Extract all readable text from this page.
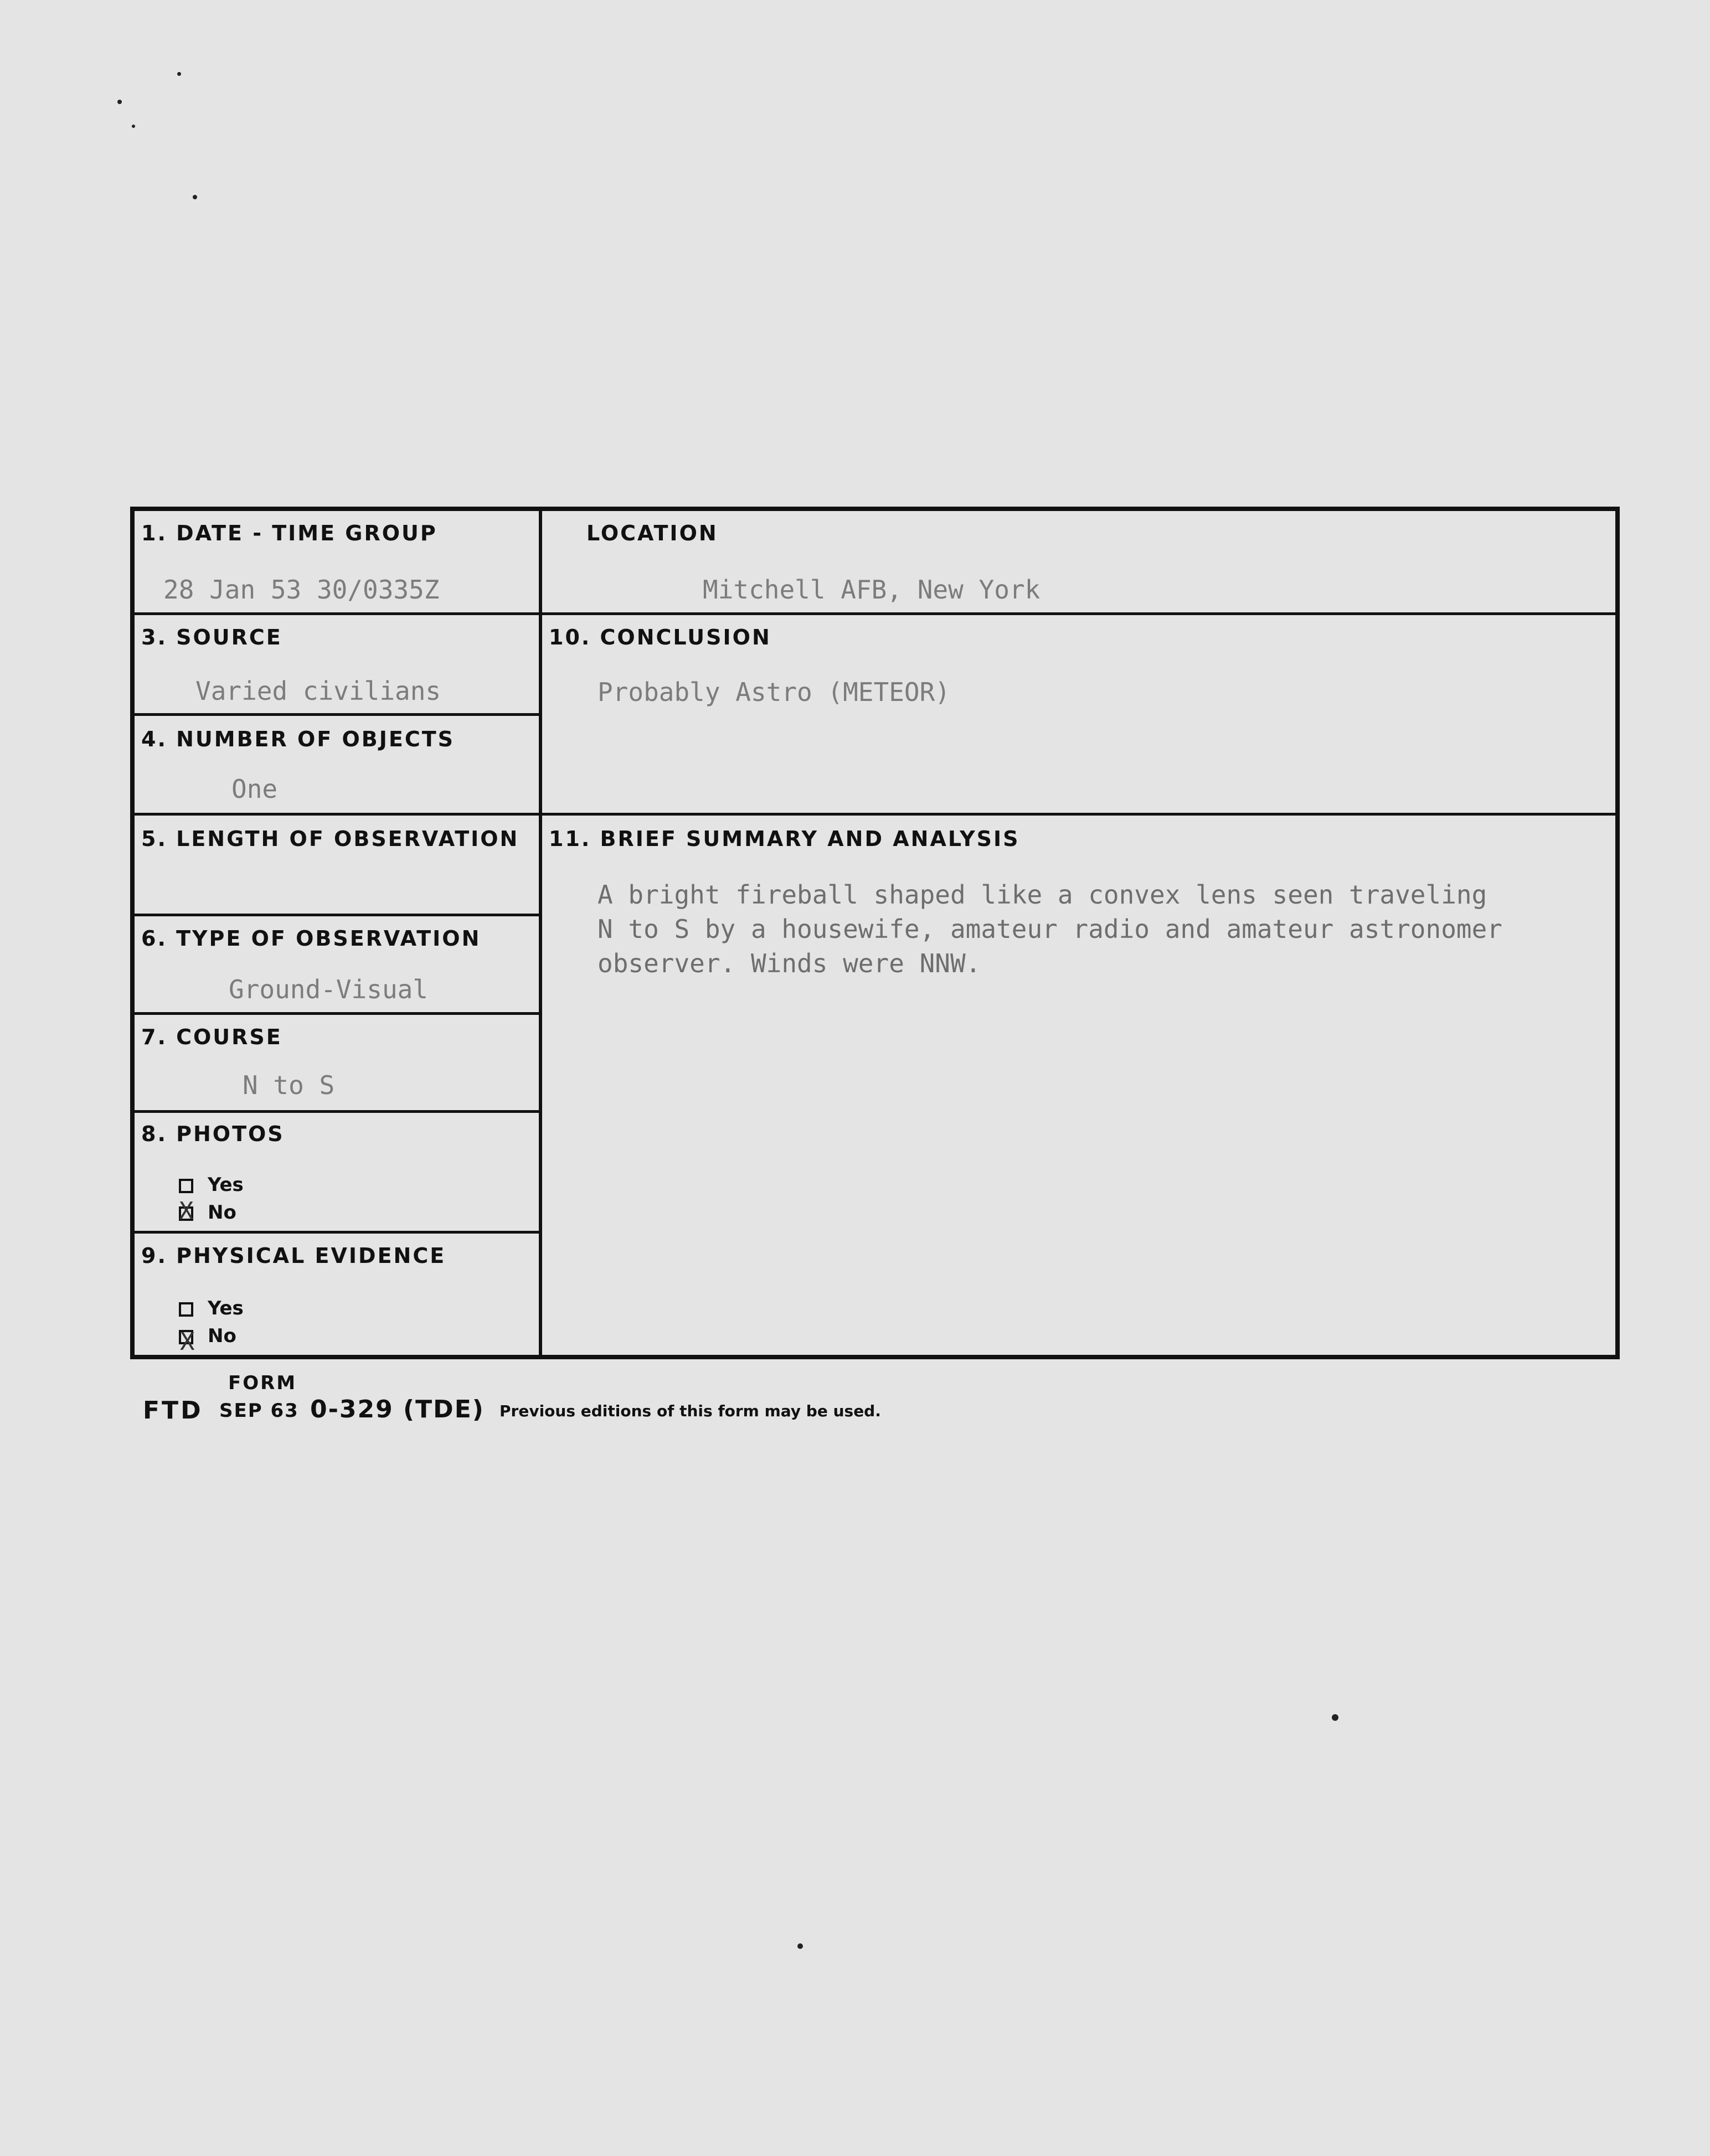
1. DATE - TIME GROUP
28 Jan 53 30/0335Z
LOCATION
Mitchell AFB, New York
3. SOURCE
Varied civilians
4. NUMBER OF OBJECTS
One
10. CONCLUSION
Probably Astro (METEOR)
5. LENGTH OF OBSERVATION
6. TYPE OF OBSERVATION
Ground-Visual
7. COURSE
N to S
8. PHOTOS
Yes
No
X
9. PHYSICAL EVIDENCE
Yes
No
X
11. BRIEF SUMMARY AND ANALYSIS
A bright fireball shaped like a convex lens seen traveling
N to S by a housewife, amateur radio and amateur astronomer
observer. Winds were NNW.
FORM
FTD SEP 63 0-329 (TDE) Previous editions of this form may be used.
